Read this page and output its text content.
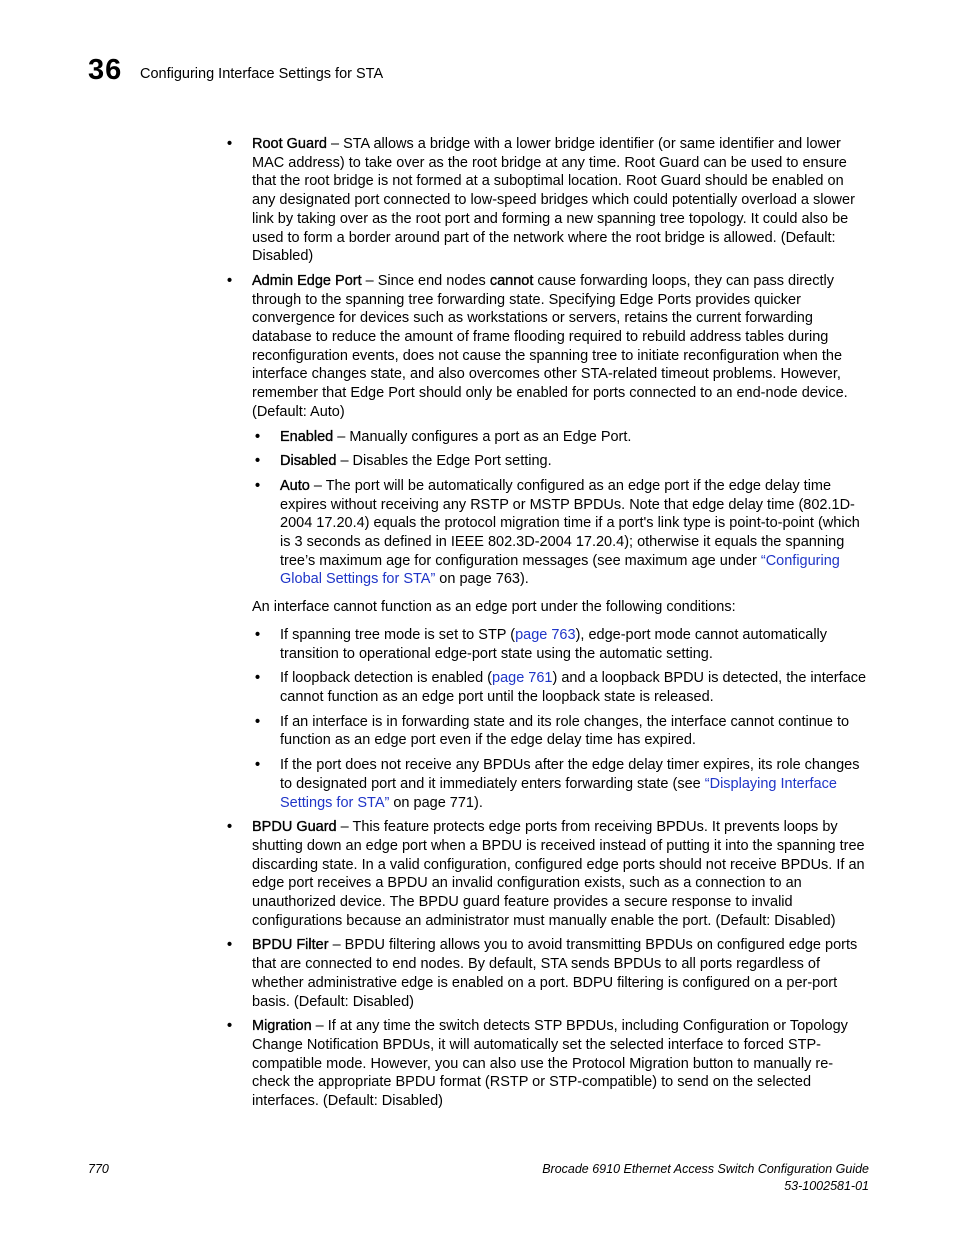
36 Configuring Interface Settings for STA
• Root Guard – STA allows a bridge with a lower bridge identifier (or same identifier and lower MAC address) to take over as the root bridge at any time. Root Guard can be used to ensure that the root bridge is not formed at a suboptimal location. Root Guard should be enabled on any designated port connected to low-speed bridges which could potentially overload a slower link by taking over as the root port and forming a new spanning tree topology. It could also be used to form a border around part of the network where the root bridge is allowed. (Default: Disabled)
• Admin Edge Port – Since end nodes cannot cause forwarding loops, they can pass directly through to the spanning tree forwarding state. Specifying Edge Ports provides quicker convergence for devices such as workstations or servers, retains the current forwarding database to reduce the amount of frame flooding required to rebuild address tables during reconfiguration events, does not cause the spanning tree to initiate reconfiguration when the interface changes state, and also overcomes other STA-related timeout problems. However, remember that Edge Port should only be enabled for ports connected to an end-node device. (Default: Auto)
• Enabled – Manually configures a port as an Edge Port.
• Disabled – Disables the Edge Port setting.
• Auto – The port will be automatically configured as an edge port if the edge delay time expires without receiving any RSTP or MSTP BPDUs. Note that edge delay time (802.1D-2004 17.20.4) equals the protocol migration time if a port's link type is point-to-point (which is 3 seconds as defined in IEEE 802.3D-2004 17.20.4); otherwise it equals the spanning tree’s maximum age for configuration messages (see maximum age under “Configuring Global Settings for STA” on page 763).
An interface cannot function as an edge port under the following conditions:
• If spanning tree mode is set to STP (page 763), edge-port mode cannot automatically transition to operational edge-port state using the automatic setting.
• If loopback detection is enabled (page 761) and a loopback BPDU is detected, the interface cannot function as an edge port until the loopback state is released.
• If an interface is in forwarding state and its role changes, the interface cannot continue to function as an edge port even if the edge delay time has expired.
• If the port does not receive any BPDUs after the edge delay timer expires, its role changes to designated port and it immediately enters forwarding state (see “Displaying Interface Settings for STA” on page 771).
• BPDU Guard – This feature protects edge ports from receiving BPDUs. It prevents loops by shutting down an edge port when a BPDU is received instead of putting it into the spanning tree discarding state. In a valid configuration, configured edge ports should not receive BPDUs. If an edge port receives a BPDU an invalid configuration exists, such as a connection to an unauthorized device. The BPDU guard feature provides a secure response to invalid configurations because an administrator must manually enable the port. (Default: Disabled)
• BPDU Filter – BPDU filtering allows you to avoid transmitting BPDUs on configured edge ports that are connected to end nodes. By default, STA sends BPDUs to all ports regardless of whether administrative edge is enabled on a port. BDPU filtering is configured on a per-port basis. (Default: Disabled)
• Migration – If at any time the switch detects STP BPDUs, including Configuration or Topology Change Notification BPDUs, it will automatically set the selected interface to forced STP-compatible mode. However, you can also use the Protocol Migration button to manually re-check the appropriate BPDU format (RSTP or STP-compatible) to send on the selected interfaces. (Default: Disabled)
770	Brocade 6910 Ethernet Access Switch Configuration Guide
53-1002581-01
